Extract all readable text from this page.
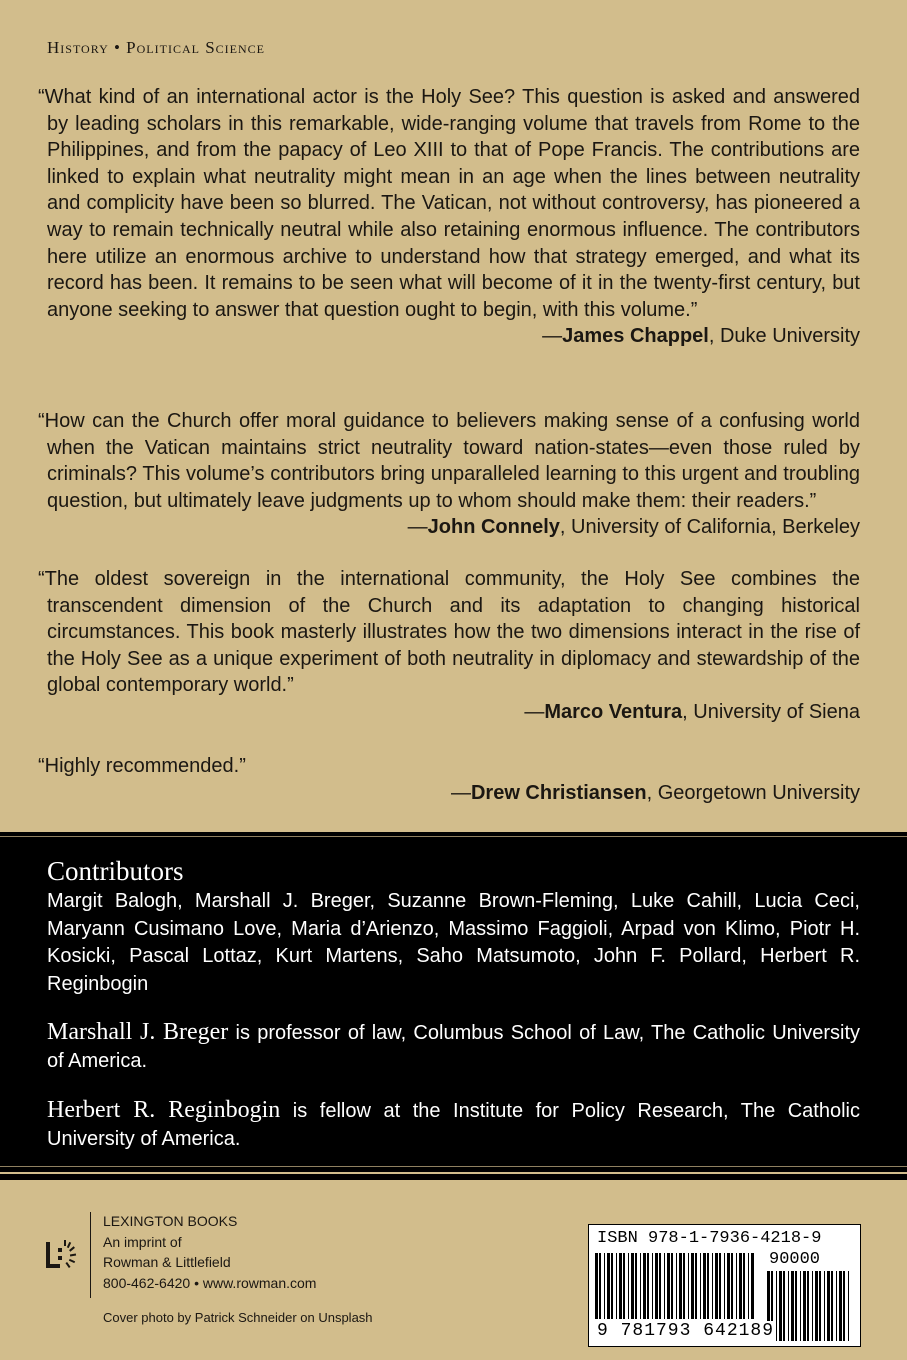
History • Political Science
“What kind of an international actor is the Holy See? This question is asked and answered by leading scholars in this remarkable, wide-ranging volume that travels from Rome to the Philippines, and from the papacy of Leo XIII to that of Pope Francis. The contributions are linked to explain what neutrality might mean in an age when the lines between neutrality and complicity have been so blurred. The Vatican, not without controversy, has pioneered a way to remain technically neutral while also retaining enormous influence. The contributors here utilize an enormous archive to understand how that strategy emerged, and what its record has been. It remains to be seen what will become of it in the twenty-first century, but anyone seeking to answer that question ought to begin, with this volume.”
—James Chappel, Duke University
“How can the Church offer moral guidance to believers making sense of a confusing world when the Vatican maintains strict neutrality toward nation-states—even those ruled by criminals? This volume’s contributors bring unparalleled learning to this urgent and troubling question, but ultimately leave judgments up to whom should make them: their readers.”
—John Connely, University of California, Berkeley
“The oldest sovereign in the international community, the Holy See combines the transcendent dimension of the Church and its adaptation to changing historical circumstances. This book masterly illustrates how the two dimensions interact in the rise of the Holy See as a unique experiment of both neutrality in diplomacy and stewardship of the global contemporary world.”
—Marco Ventura, University of Siena
“Highly recommended.”
—Drew Christiansen, Georgetown University
Contributors
Margit Balogh, Marshall J. Breger, Suzanne Brown-Fleming, Luke Cahill, Lucia Ceci, Maryann Cusimano Love, Maria d’Arienzo, Massimo Faggioli, Arpad von Klimo, Piotr H. Kosicki, Pascal Lottaz, Kurt Martens, Saho Matsumoto, John F. Pollard, Herbert R. Reginbogin
Marshall J. Breger is professor of law, Columbus School of Law, The Catholic University of America.
Herbert R. Reginbogin is fellow at the Institute for Policy Research, The Catholic University of America.
LEXINGTON BOOKS
An imprint of
Rowman & Littlefield
800-462-6420 • www.rowman.com
Cover photo by Patrick Schneider on Unsplash
ISBN 978-1-7936-4218-9
90000
9 781793 642189
